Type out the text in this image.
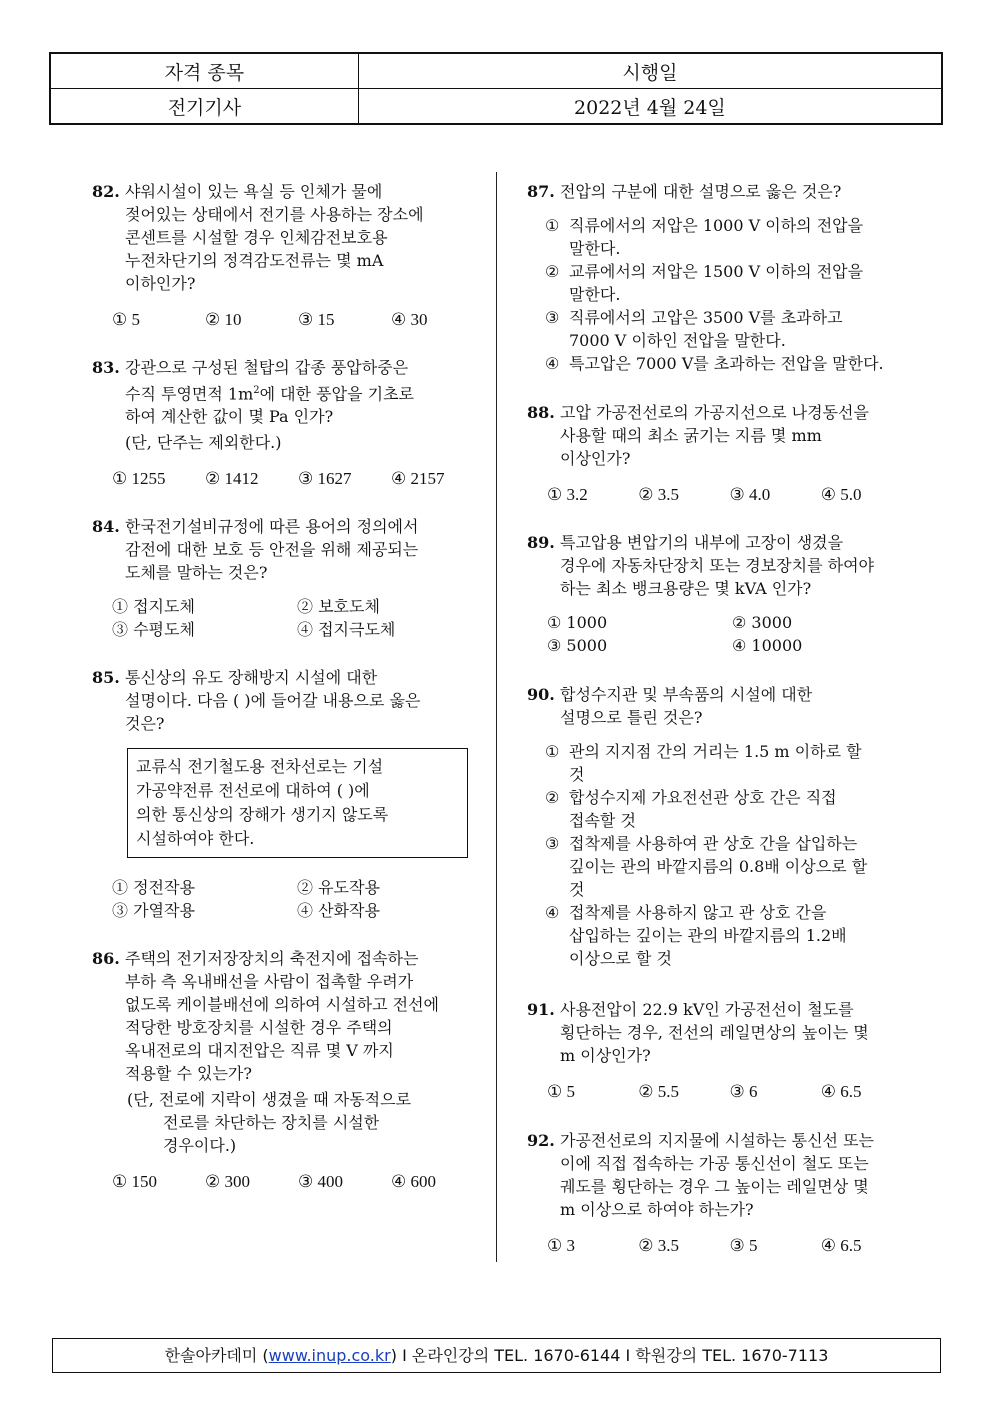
자격 종목	시행일
전기기사	2022년 4월 24일
82. 샤워시설이 있는 욕실 등 인체가 물에
젖어있는 상태에서 전기를 사용하는 장소에
콘센트를 시설할 경우 인체감전보호용
누전차단기의 정격감도전류는 몇 mA
이하인가?
① 5	② 10	③ 15	④ 30
83. 강관으로 구성된 철탑의 갑종 풍압하중은
수직 투영면적 $1m^2$에 대한 풍압을 기초로
하여 계산한 값이 몇 Pa 인가?
(단, 단주는 제외한다.)
① 1255	② 1412	③ 1627	④ 2157
84. 한국전기설비규정에 따른 용어의 정의에서
감전에 대한 보호 등 안전을 위해 제공되는
도체를 말하는 것은?
① 접지도체	② 보호도체
③ 수평도체	④ 접지극도체
85. 통신상의 유도 장해방지 시설에 대한
설명이다. 다음 ( )에 들어갈 내용으로 옳은
것은?
교류식 전기철도용 전차선로는 기설
가공약전류 전선로에 대하여 ( )에
의한 통신상의 장해가 생기지 않도록
시설하여야 한다.
① 정전작용	② 유도작용
③ 가열작용	④ 산화작용
86. 주택의 전기저장장치의 축전지에 접속하는
부하 측 옥내배선을 사람이 접촉할 우려가
없도록 케이블배선에 의하여 시설하고 전선에
적당한 방호장치를 시설한 경우 주택의
옥내전로의 대지전압은 직류 몇 V 까지
적용할 수 있는가?
(단, 전로에 지락이 생겼을 때 자동적으로
전로를 차단하는 장치를 시설한
경우이다.)
① 150	② 300	③ 400	④ 600
87. 전압의 구분에 대한 설명으로 옳은 것은?
① 직류에서의 저압은 1000 V 이하의 전압을
말한다.
② 교류에서의 저압은 1500 V 이하의 전압을
말한다.
③ 직류에서의 고압은 3500 V를 초과하고
7000 V 이하인 전압을 말한다.
④ 특고압은 7000 V를 초과하는 전압을 말한다.
88. 고압 가공전선로의 가공지선으로 나경동선을
사용할 때의 최소 굵기는 지름 몇 mm
이상인가?
① 3.2	② 3.5	③ 4.0	④ 5.0
89. 특고압용 변압기의 내부에 고장이 생겼을
경우에 자동차단장치 또는 경보장치를 하여야
하는 최소 뱅크용량은 몇 kVA 인가?
① 1000	② 3000
③ 5000	④ 10000
90. 합성수지관 및 부속품의 시설에 대한
설명으로 틀린 것은?
① 관의 지지점 간의 거리는 1.5 m 이하로 할
것
② 합성수지제 가요전선관 상호 간은 직접
접속할 것
③ 접착제를 사용하여 관 상호 간을 삽입하는
깊이는 관의 바깥지름의 0.8배 이상으로 할
것
④ 접착제를 사용하지 않고 관 상호 간을
삽입하는 깊이는 관의 바깥지름의 1.2배
이상으로 할 것
91. 사용전압이 22.9 kV인 가공전선이 철도를
횡단하는 경우, 전선의 레일면상의 높이는 몇
m 이상인가?
① 5	② 5.5	③ 6	④ 6.5
92. 가공전선로의 지지물에 시설하는 통신선 또는
이에 직접 접속하는 가공 통신선이 철도 또는
궤도를 횡단하는 경우 그 높이는 레일면상 몇
m 이상으로 하여야 하는가?
① 3	② 3.5	③ 5	④ 6.5
한솔아카데미 (www.inup.co.kr) Ι 온라인강의 TEL. 1670-6144 Ι 학원강의 TEL. 1670-7113
